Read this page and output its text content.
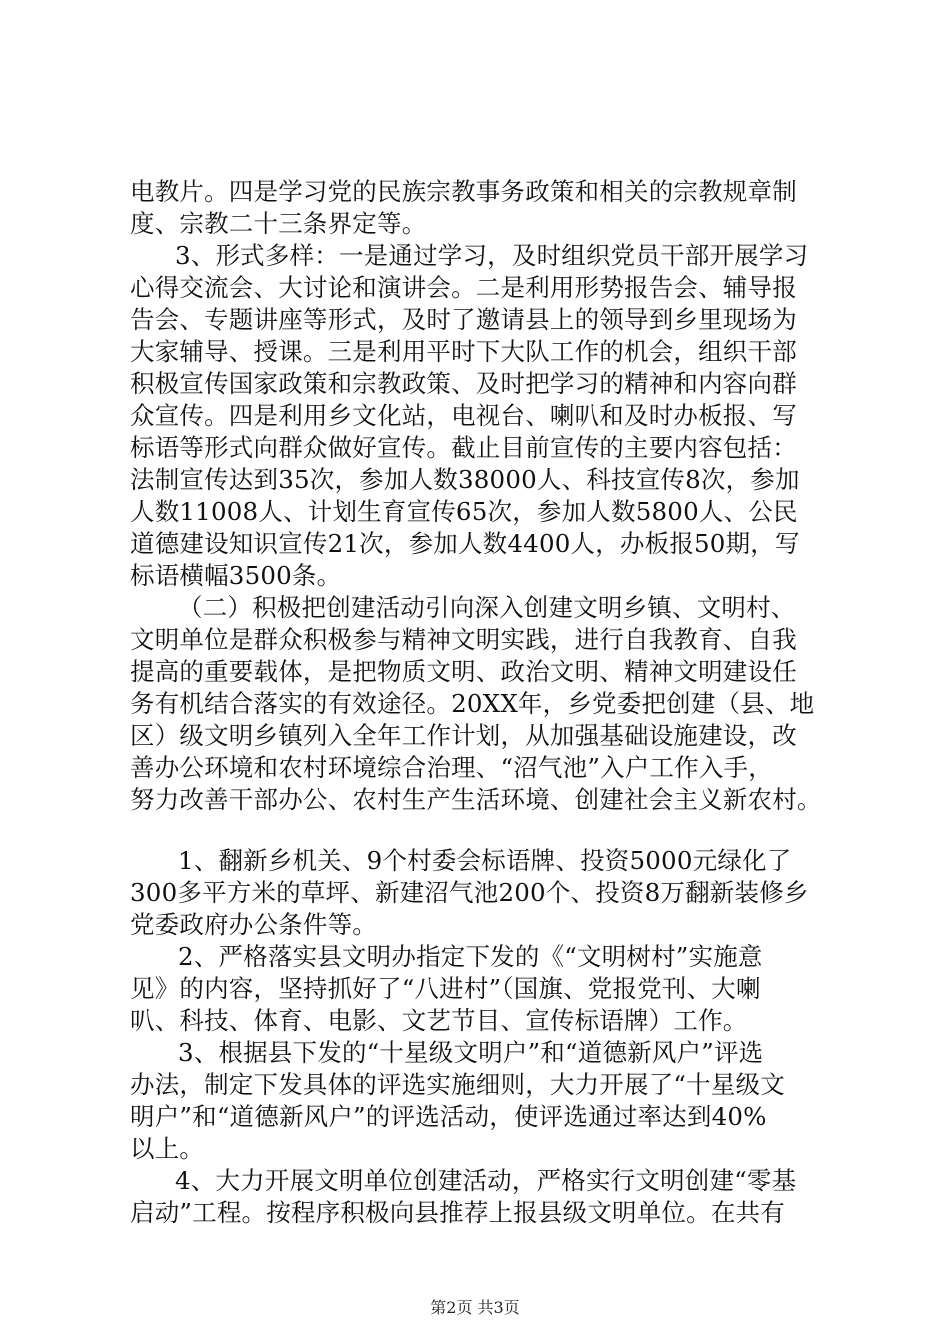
电教片。四是学习党的民族宗教事务政策和相关的宗教规章制
度、宗教二十三条界定等。
3、形式多样：一是通过学习，及时组织党员干部开展学习
心得交流会、大讨论和演讲会。二是利用形势报告会、辅导报
告会、专题讲座等形式，及时了邀请县上的领导到乡里现场为
大家辅导、授课。三是利用平时下大队工作的机会，组织干部
积极宣传国家政策和宗教政策、及时把学习的精神和内容向群
众宣传。四是利用乡文化站，电视台、喇叭和及时办板报、写
标语等形式向群众做好宣传。截止目前宣传的主要内容包括：
法制宣传达到35次，参加人数38000人、科技宣传8次，参加
人数11008人、计划生育宣传65次，参加人数5800人、公民
道德建设知识宣传21次，参加人数4400人，办板报50期，写
标语横幅3500条。
（二）积极把创建活动引向深入创建文明乡镇、文明村、
文明单位是群众积极参与精神文明实践，进行自我教育、自我
提高的重要载体，是把物质文明、政治文明、精神文明建设任
务有机结合落实的有效途径。20XX年，乡党委把创建（县、地
区）级文明乡镇列入全年工作计划，从加强基础设施建设，改
善办公环境和农村环境综合治理、“沼气池”入户工作入手，
努力改善干部办公、农村生产生活环境、创建社会主义新农村。
1、翻新乡机关、9个村委会标语牌、投资5000元绿化了
300多平方米的草坪、新建沼气池200个、投资8万翻新装修乡
党委政府办公条件等。
2、严格落实县文明办指定下发的《“文明树村”实施意
见》的内容，坚持抓好了“八进村”（国旗、党报党刊、大喇
叭、科技、体育、电影、文艺节目、宣传标语牌）工作。
3、根据县下发的“十星级文明户”和“道德新风户”评选
办法，制定下发具体的评选实施细则，大力开展了“十星级文
明户”和“道德新风户”的评选活动，使评选通过率达到40%
以上。
4、大力开展文明单位创建活动，严格实行文明创建“零基
启动”工程。按程序积极向县推荐上报县级文明单位。在共有
第2页 共3页
